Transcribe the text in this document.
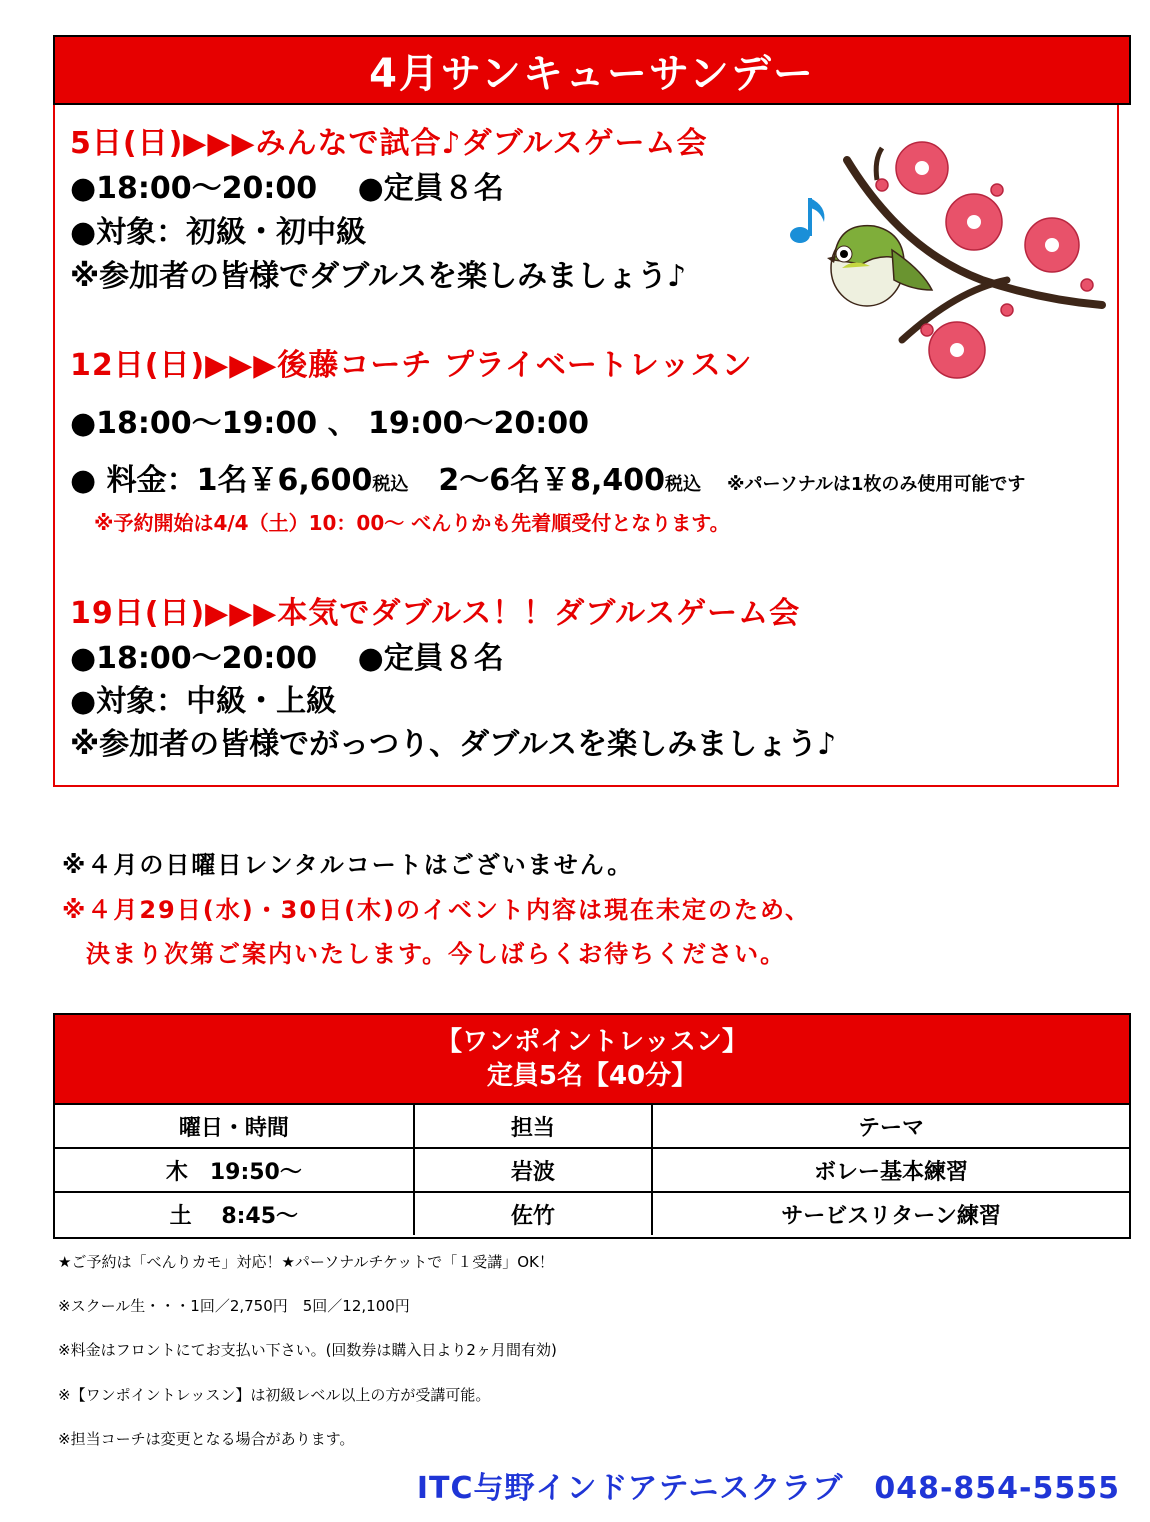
4月サンキューサンデー
5日(日)▶▶▶みんなで試合♪ダブルスゲーム会
●18:00～20:00　 ●定員８名
●対象：初級・初中級
※参加者の皆様でダブルスを楽しみましょう♪
12日(日)▶▶▶後藤コーチ プライベートレッスン
●18:00～19:00 、 19:00～20:00
● 料金：1名￥6,600税込　2～6名￥8,400税込 ※パーソナルは1枚のみ使用可能です
※予約開始は4/4（土）10：00～ べんりかも先着順受付となります。
19日(日)▶▶▶本気でダブルス！！ダブルスゲーム会
●18:00～20:00　 ●定員８名
●対象：中級・上級
※参加者の皆様でがっつり、ダブルスを楽しみましょう♪
※４月の日曜日レンタルコートはございません。
※４月29日(水)・30日(木)のイベント内容は現在未定のため、
決まり次第ご案内いたします。今しばらくお待ちください。
【ワンポイントレッスン】
定員5名【40分】
曜日・時間	担当	テーマ
木　19:50～	岩波	ボレー基本練習
土　 8:45～	佐竹	サービスリターン練習
★ご予約は「べんりカモ」対応！★パーソナルチケットで「１受講」OK！
※スクール生・・・1回／2,750円　5回／12,100円
※料金はフロントにてお支払い下さい。(回数券は購入日より2ヶ月間有効)
※【ワンポイントレッスン】は初級レベル以上の方が受講可能。
※担当コーチは変更となる場合があります。
ITC与野インドアテニスクラブ　048-854-5555
